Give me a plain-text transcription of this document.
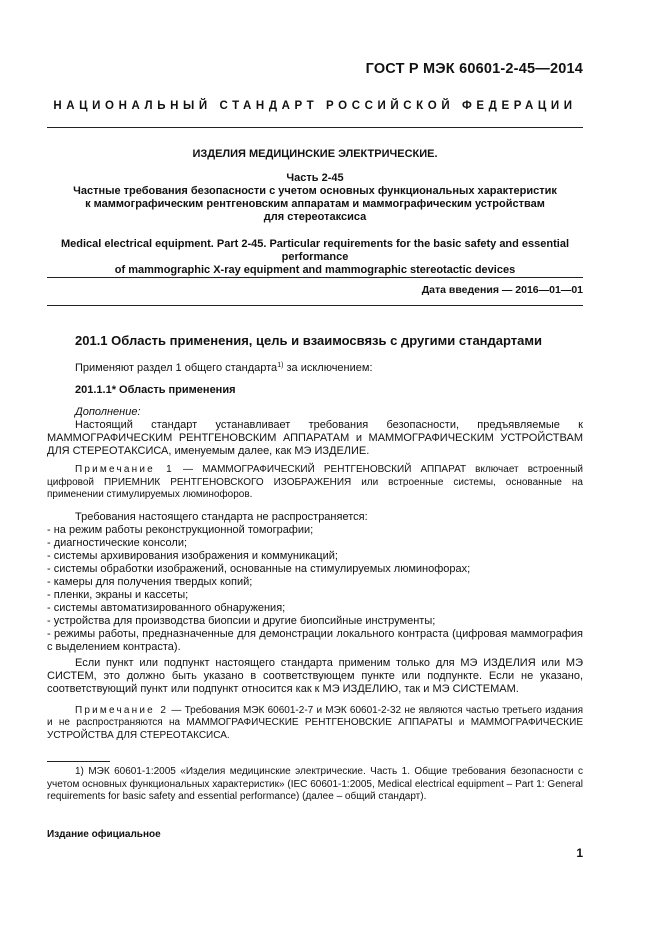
ГОСТ Р МЭК 60601-2-45—2014
НАЦИОНАЛЬНЫЙ СТАНДАРТ РОССИЙСКОЙ ФЕДЕРАЦИИ
ИЗДЕЛИЯ МЕДИЦИНСКИЕ ЭЛЕКТРИЧЕСКИЕ.
Часть 2-45
Частные требования безопасности с учетом основных функциональных характеристик
к маммографическим рентгеновским аппаратам и маммографическим устройствам
для стереотаксиса
Medical electrical equipment. Part 2-45. Particular requirements for the basic safety and essential performance
of mammographic X-ray equipment and mammographic stereotactic devices
Дата введения — 2016—01—01
201.1 Область применения, цель и взаимосвязь с другими стандартами

Применяют раздел 1 общего стандарта$^{1)}$ за исключением:

201.1.1* Область применения

Дополнение:

Настоящий стандарт устанавливает требования безопасности, предъявляемые к МАММОГРАФИЧЕСКИМ РЕНТГЕНОВСКИМ АППАРАТАМ и МАММОГРАФИЧЕСКИМ УСТРОЙСТВАМ ДЛЯ СТЕРЕОТАКСИСА, именуемым далее, как МЭ ИЗДЕЛИЕ.

Примечание 1 — МАММОГРАФИЧЕСКИЙ РЕНТГЕНОВСКИЙ АППАРАТ включает встроенный цифровой ПРИЕМНИК РЕНТГЕНОВСКОГО ИЗОБРАЖЕНИЯ или встроенные системы, основанные на применении стимулируемых люминофоров.

Требования настоящего стандарта не распространяется:

- на режим работы реконструкционной томографии;

- диагностические консоли;

- системы архивирования изображения и коммуникаций;

- системы обработки изображений, основанные на стимулируемых люминофорах;

- камеры для получения твердых копий;

- пленки, экраны и кассеты;

- системы автоматизированного обнаружения;

- устройства для производства биопсии и другие биопсийные инструменты;

- режимы работы, предназначенные для демонстрации локального контраста (цифровая маммография с выделением контраста).

Если пункт или подпункт настоящего стандарта применим только для МЭ ИЗДЕЛИЯ или МЭ СИСТЕМ, это должно быть указано в соответствующем пункте или подпункте. Если не указано, соответствующий пункт или подпункт относится как к МЭ ИЗДЕЛИЮ, так и МЭ СИСТЕМАМ.

Примечание 2 — Требования МЭК 60601-2-7 и МЭК 60601-2-32 не являются частью третьего издания и не распространяются на МАММОГРАФИЧЕСКИЕ РЕНТГЕНОВСКИЕ АППАРАТЫ и МАММОГРАФИЧЕСКИЕ УСТРОЙСТВА ДЛЯ СТЕРЕОТАКСИСА.

1) МЭК 60601-1:2005 «Изделия медицинские электрические. Часть 1. Общие требования безопасности с учетом основных функциональных характеристик» (IEC 60601-1:2005, Medical electrical equipment – Part 1: General requirements for basic safety and essential performance) (далее – общий стандарт).
Издание официальное
1
